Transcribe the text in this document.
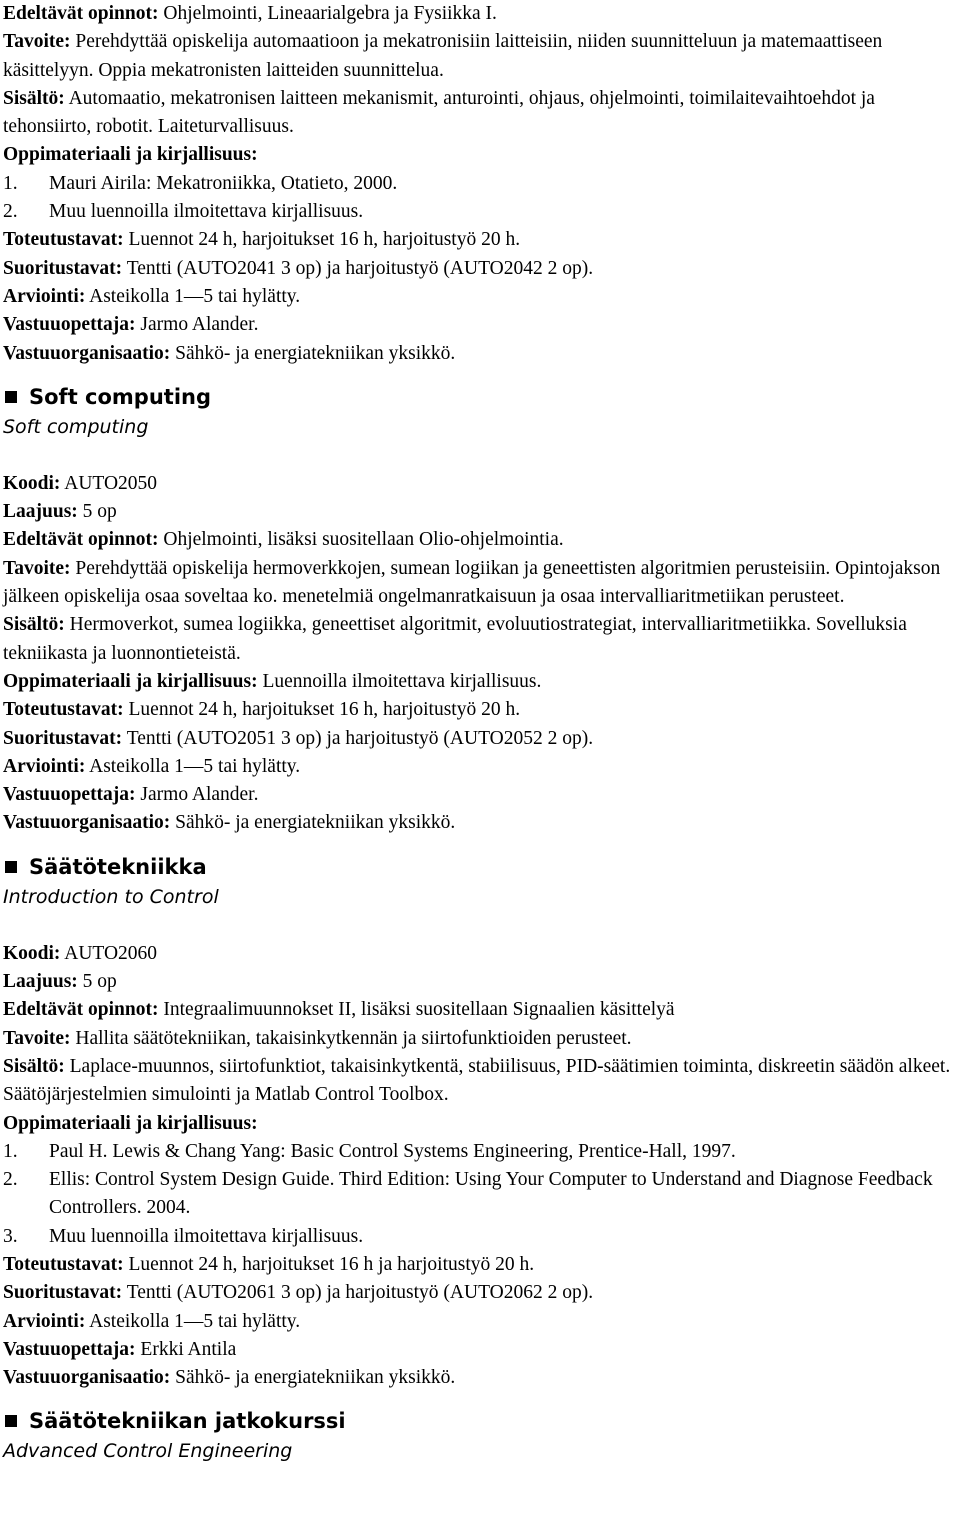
Edeltävät opinnot: Ohjelmointi, Lineaarialgebra ja Fysiikka I.

Tavoite: Perehdyttää opiskelija automaatioon ja mekatronisiin laitteisiin, niiden suunnitteluun ja matemaattiseen käsittelyyn. Oppia mekatronisten laitteiden suunnittelua.

Sisältö: Automaatio, mekatronisen laitteen mekanismit, anturointi, ohjaus, ohjelmointi, toimilaitevaihtoehdot ja tehonsiirto, robotit. Laiteturvallisuus.

Oppimateriaali ja kirjallisuus:

1. Mauri Airila: Mekatroniikka, Otatieto, 2000.
2. Muu luennoilla ilmoitettava kirjallisuus.

Toteutustavat: Luennot 24 h, harjoitukset 16 h, harjoitustyö 20 h.

Suoritustavat: Tentti (AUTO2041 3 op) ja harjoitustyö (AUTO2042 2 op).

Arviointi: Asteikolla 1—5 tai hylätty.

Vastuuopettaja: Jarmo Alander.

Vastuuorganisaatio: Sähkö- ja energiatekniikan yksikkö.

Soft computing
Soft computing

Koodi: AUTO2050

Laajuus: 5 op

Edeltävät opinnot: Ohjelmointi, lisäksi suositellaan Olio-ohjelmointia.

Tavoite: Perehdyttää opiskelija hermoverkkojen, sumean logiikan ja geneettisten algoritmien perusteisiin. Opintojakson jälkeen opiskelija osaa soveltaa ko. menetelmiä ongelmanratkaisuun ja osaa intervalliaritmetiikan perusteet.

Sisältö: Hermoverkot, sumea logiikka, geneettiset algoritmit, evoluutiostrategiat, intervalliaritmetiikka. Sovelluksia tekniikasta ja luonnontieteistä.

Oppimateriaali ja kirjallisuus: Luennoilla ilmoitettava kirjallisuus.

Toteutustavat: Luennot 24 h, harjoitukset 16 h, harjoitustyö 20 h.

Suoritustavat: Tentti (AUTO2051 3 op) ja harjoitustyö (AUTO2052 2 op).

Arviointi: Asteikolla 1—5 tai hylätty.

Vastuuopettaja: Jarmo Alander.

Vastuuorganisaatio: Sähkö- ja energiatekniikan yksikkö.

Säätötekniikka
Introduction to Control

Koodi: AUTO2060

Laajuus: 5 op

Edeltävät opinnot: Integraalimuunnokset II, lisäksi suositellaan Signaalien käsittelyä

Tavoite: Hallita säätötekniikan, takaisinkytkennän ja siirtofunktioiden perusteet.

Sisältö: Laplace-muunnos, siirtofunktiot, takaisinkytkentä, stabiilisuus, PID-säätimien toiminta, diskreetin säädön alkeet. Säätöjärjestelmien simulointi ja Matlab Control Toolbox.

Oppimateriaali ja kirjallisuus:

1. Paul H. Lewis & Chang Yang: Basic Control Systems Engineering, Prentice-Hall, 1997.
2. Ellis: Control System Design Guide. Third Edition: Using Your Computer to Understand and Diagnose Feedback Controllers. 2004.
3. Muu luennoilla ilmoitettava kirjallisuus.

Toteutustavat: Luennot 24 h, harjoitukset 16 h ja harjoitustyö 20 h.

Suoritustavat: Tentti (AUTO2061 3 op) ja harjoitustyö (AUTO2062 2 op).

Arviointi: Asteikolla 1—5 tai hylätty.

Vastuuopettaja: Erkki Antila

Vastuuorganisaatio: Sähkö- ja energiatekniikan yksikkö.

Säätötekniikan jatkokurssi
Advanced Control Engineering
